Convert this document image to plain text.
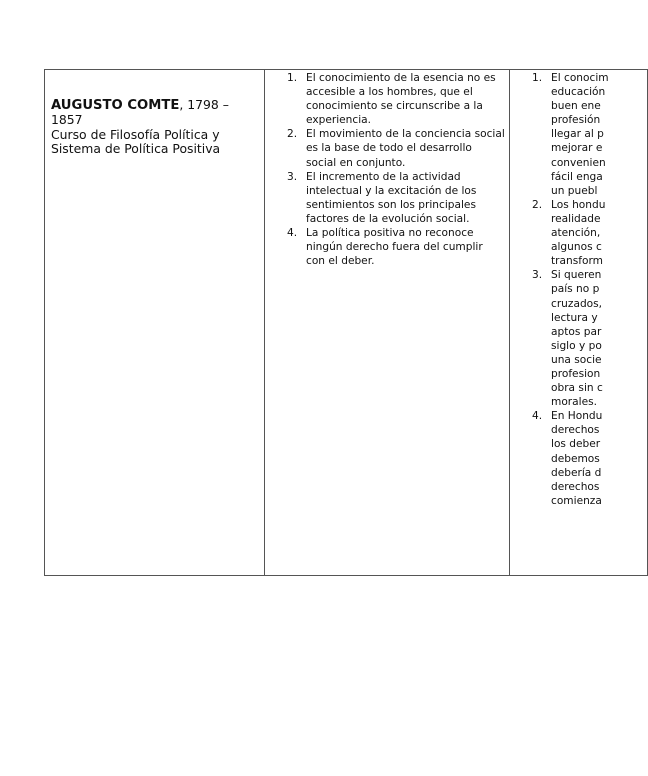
AUGUSTO COMTE, 1798 – 1857
Curso de Filosofía Política y Sistema de Política Positiva

1. El conocimiento de la esencia no es accesible a los hombres, que el conocimiento se circunscribe a la experiencia.
2. El movimiento de la conciencia social es la base de todo el desarrollo social en conjunto.
3. El incremento de la actividad intelectual y la excitación de los sentimientos son los principales factores de la evolución social.
4. La política positiva no reconoce ningún derecho fuera del cumplir con el deber.

1. El conocim
educación
buen ene
profesión
llegar al p
mejorar e
convenien
fácil enga
un puebl
2. Los hondu
realidade
atención,
algunos c
transform
3. Si queren
país no p
cruzados,
lectura y
aptos par
siglo y po
una socie
profesion
obra sin c
morales.
4. En Hondu
derechos
los deber
debemos
debería d
derechos
comienza
